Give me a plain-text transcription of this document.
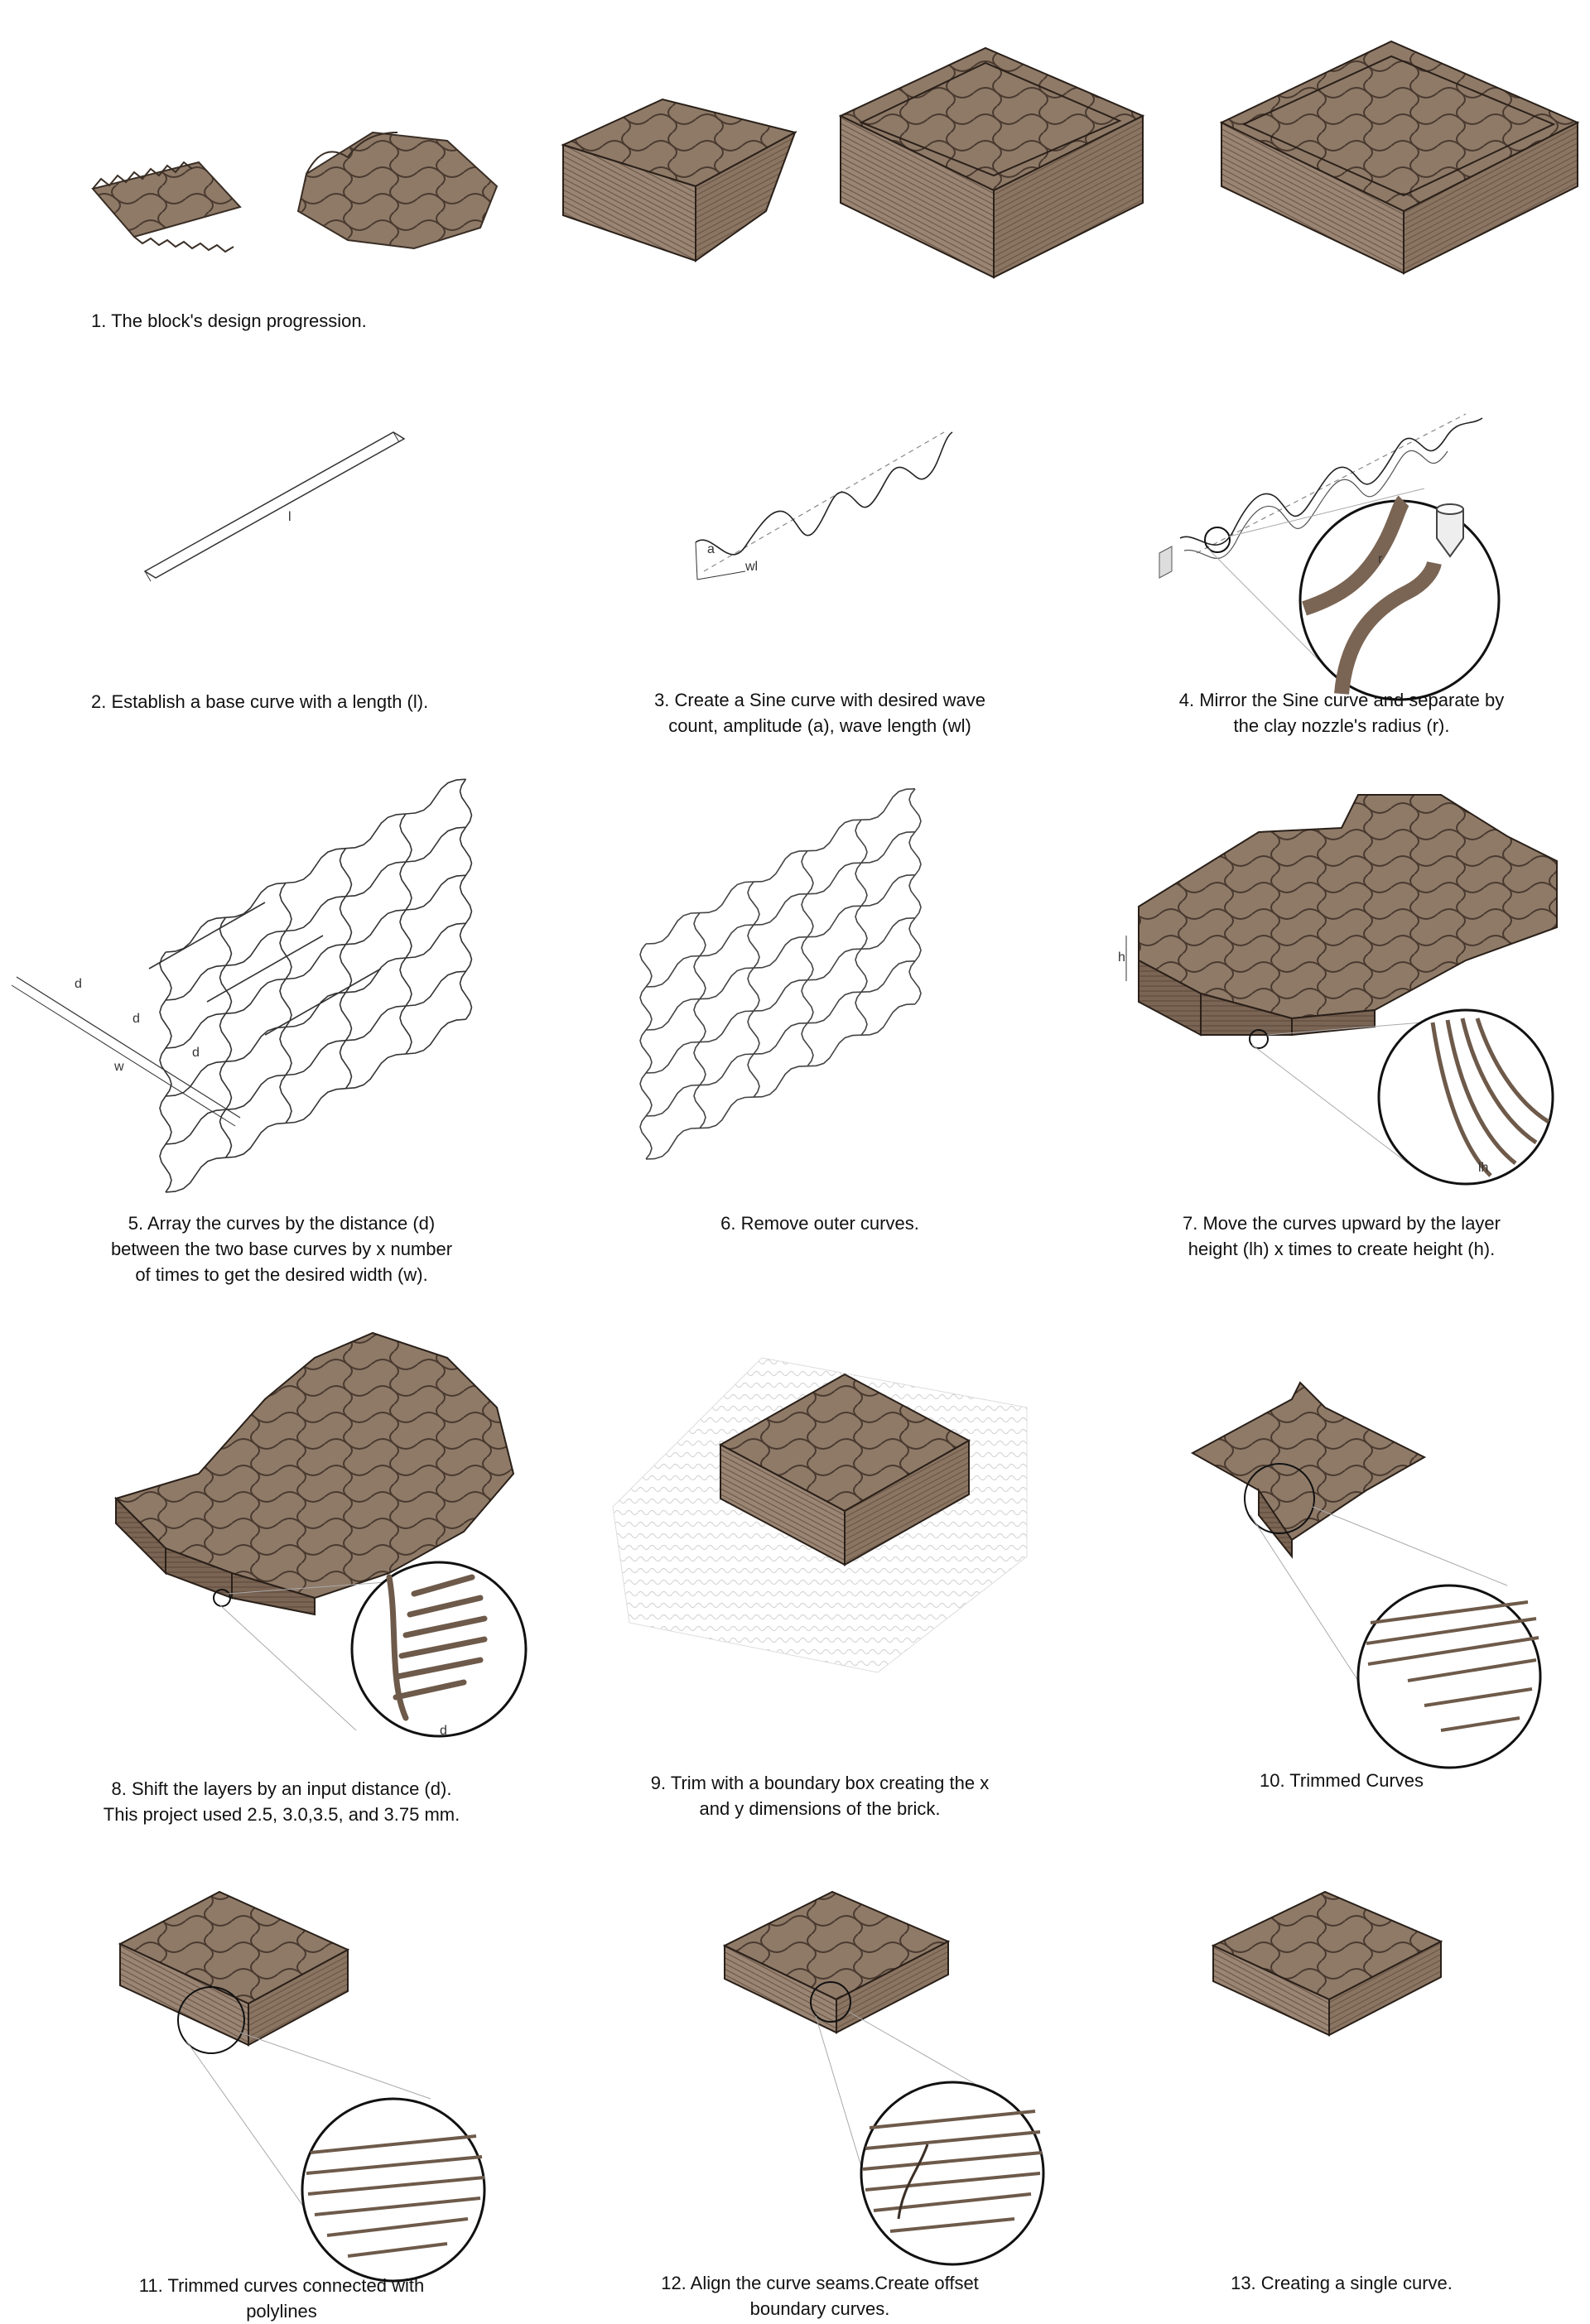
l
a
wl
r
d
d
d
w
h
lh
d

1. The block's design progression.

2. Establish a base curve with a length (l).	3. Create a Sine curve with desired wave
count, amplitude (a), wave length (wl)

4. Mirror the Sine curve and separate by
the clay nozzle's radius (r).

5. Array the curves by the distance (d)
between the two base curves by x number
of times to get the desired width (w).

6. Remove outer curves.	7. Move the curves upward by the layer
height (lh) x times to create height (h).

8. Shift the layers by an input distance (d).
This project used 2.5, 3.0,3.5, and 3.75 mm.

9. Trim with a boundary box creating the x
and y dimensions of the brick.

10. Trimmed Curves

11. Trimmed curves connected with
polylines

12. Align the curve seams.Create offset
boundary curves.

13. Creating a single curve.
